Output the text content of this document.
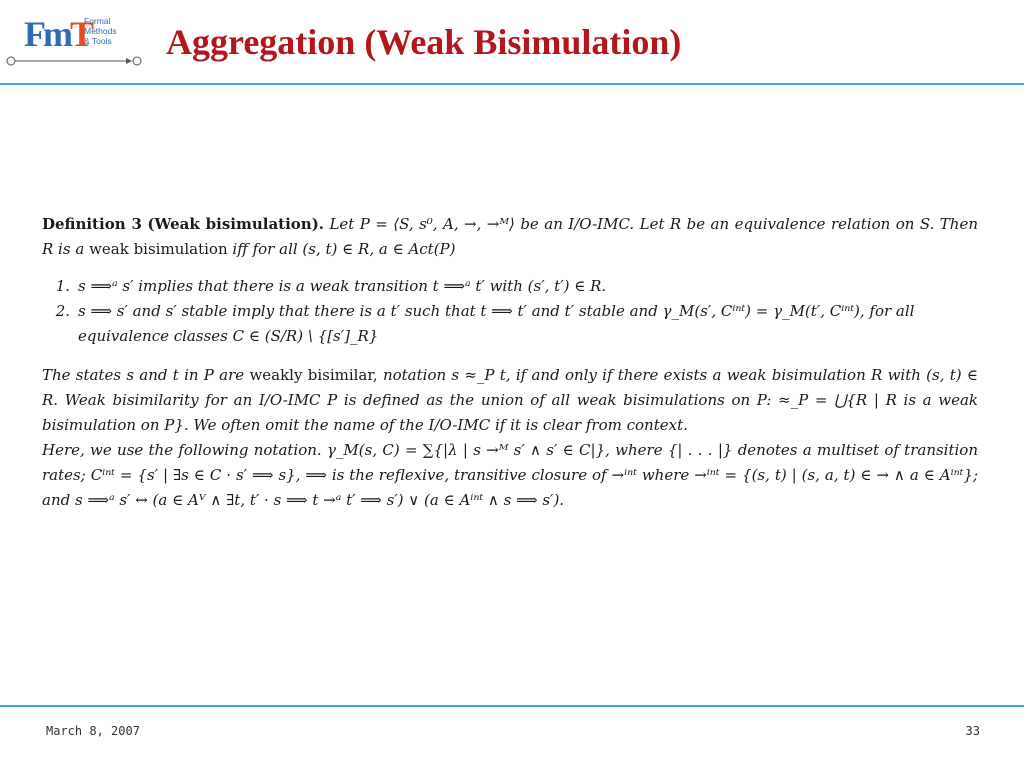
FmT
Formal
Methods
& Tools Aggregation (Weak Bisimulation)

Definition 3 (Weak bisimulation). Let P = ⟨S, s⁰, A, →, →ᴹ⟩ be an I/O-IMC. Let R be an equivalence relation on S. Then R is a weak bisimulation iff for all (s, t) ∈ R, a ∈ Act(P)

1. s ⟹ᵃ s′ implies that there is a weak transition t ⟹ᵃ t′ with (s′, t′) ∈ R.
2. s ⟹ s′ and s′ stable imply that there is a t′ such that t ⟹ t′ and t′ stable and γ_M(s′, Cⁱⁿᵗ) = γ_M(t′, Cⁱⁿᵗ), for all equivalence classes C ∈ (S/R) \ {[s′]_R}

The states s and t in P are weakly bisimilar, notation s ≈_P t, if and only if there exists a weak bisimulation R with (s, t) ∈ R. Weak bisimilarity for an I/O-IMC P is defined as the union of all weak bisimulations on P: ≈_P = ⋃{R | R is a weak bisimulation on P}. We often omit the name of the I/O-IMC if it is clear from context.

Here, we use the following notation. γ_M(s, C) = ∑{|λ | s →ᴹ s′ ∧ s′ ∈ C|}, where {| . . . |} denotes a multiset of transition rates; Cⁱⁿᵗ = {s′ | ∃s ∈ C · s′ ⟹ s}, ⟹ is the reflexive, transitive closure of →ⁱⁿᵗ where →ⁱⁿᵗ = {(s, t) | (s, a, t) ∈ → ∧ a ∈ Aⁱⁿᵗ}; and s ⟹ᵃ s′ ↔ (a ∈ Aⱽ ∧ ∃t, t′ · s ⟹ t →ᵃ t′ ⟹ s′) ∨ (a ∈ Aⁱⁿᵗ ∧ s ⟹ s′).

March 8, 2007	33
